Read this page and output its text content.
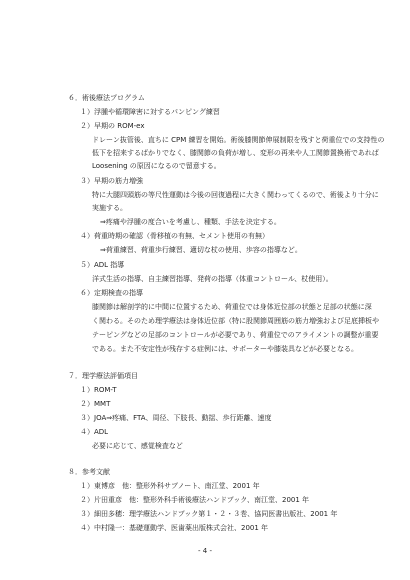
６．術後療法プログラム
１）浮腫や循環障害に対するパンピング練習
２）早期の ROM-ex
ドレーン抜管後、直ちに CPM 練習を開始。術後膝関節伸展制限を残すと荷重位での支持性の
低下を招来するばかりでなく、膝関節の負荷が増し、変形の再来や人工関節置換術であれば
Loosening の原因になるので留意する。
３）早期の筋力増強
特に大腿四頭筋の等尺性運動は今後の回復過程に大きく関わってくるので、術後より十分に
実施する。
⇒疼痛や浮腫の度合いを考慮し、種類、手法を決定する。
４）荷重時期の確認（骨移植の有無、セメント使用の有無）
⇒荷重練習、荷重歩行練習、適切な杖の使用、歩容の指導など。
５）ADL 指導
洋式生活の指導、自主練習指導、発荷の指導（体重コントロール、杖使用）。
６）定期検査の指導
膝関節は解剖学的に中間に位置するため、荷重位では身体近位部の状態と足部の状態に深
く関わる。そのため理学療法は身体近位部（特に股関節周囲筋の筋力増強および足底挿板や
テーピングなどの足部のコントロールが必要であり、荷重位でのアライメントの調整が重要
である。また不安定性が残存する症例には、サポーターや膝装具などが必要となる。
７．理学療法評価項目
１）ROM-T
２）MMT
３）JOA⇒疼痛、FTA、周径、下肢長、動揺、歩行距離、速度
４）ADL
必要に応じて、感覚検査など
８．参考文献
１）東博彦　他：整形外科サブノート、南江堂、2001 年
２）片田重彦　他：整形外科手術後療法ハンドブック、南江堂、2001 年
３）細田多穂：理学療法ハンドブック第１・２・３巻、協同医書出版社、2001 年
４）中村隆一：基礎運動学、医歯薬出版株式会社、2001 年
- 4 -
